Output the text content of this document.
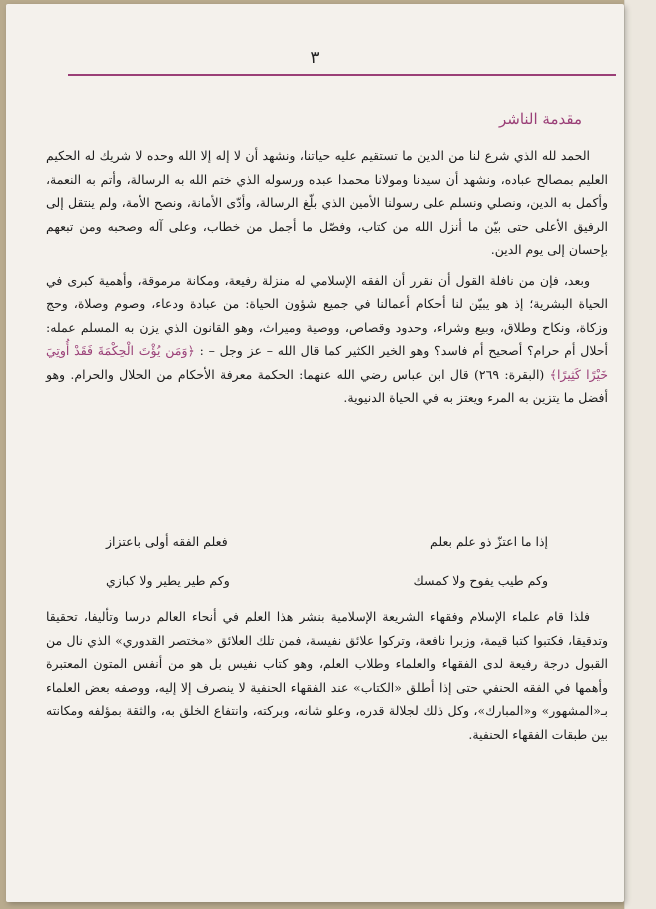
٣
مقدمة الناشر

الحمد لله الذي شرع لنا من الدين ما تستقيم عليه حياتنا، ونشهد أن لا إله إلا الله وحده لا شريك له الحكيم العليم بمصالح عباده، ونشهد أن سيدنا ومولانا محمدا عبده ورسوله الذي ختم الله به الرسالة، وأتم به النعمة، وأكمل به الدين، ونصلي ونسلم على رسولنا الأمين الذي بلّغ الرسالة، وأدّى الأمانة، ونصح الأمة، ولم ينتقل إلى الرفيق الأعلى حتى بيّن ما أنزل الله من كتاب، وفصّل ما أجمل من خطاب، وعلى آله وصحبه ومن تبعهم بإحسان إلى يوم الدين.

وبعد، فإن من نافلة القول أن نقرر أن الفقه الإسلامي له منزلة رفيعة، ومكانة مرموقة، وأهمية كبرى في الحياة البشرية؛ إذ هو يبيّن لنا أحكام أعمالنا في جميع شؤون الحياة: من عبادة ودعاء، وصوم وصلاة، وحج وزكاة، ونكاح وطلاق، وبيع وشراء، وحدود وقصاص، ووصية وميراث، وهو القانون الذي يزن به المسلم عمله: أحلال أم حرام؟ أصحيح أم فاسد؟ وهو الخير الكثير كما قال الله – عز وجل – : ﴿وَمَن يُؤْتَ الْحِكْمَةَ فَقَدْ أُوتِيَ خَيْرًا كَثِيرًا﴾ (البقرة: ٢٦٩) قال ابن عباس رضي الله عنهما: الحكمة معرفة الأحكام من الحلال والحرام. وهو أفضل ما يتزين به المرء ويعتز به في الحياة الدنيوية.

إذا ما اعتزّ ذو علم بعلم
فعلم الفقه أولى باعتزاز
وكم طيب يفوح ولا كمسك
وكم طير يطير ولا كبازي

فلذا قام علماء الإسلام وفقهاء الشريعة الإسلامية بنشر هذا العلم في أنحاء العالم درسا وتأليفا، تحقيقا وتدقيقا، فكتبوا كتبا قيمة، وزبرا نافعة، وتركوا علائق نفيسة، فمن تلك العلائق «مختصر القدوري» الذي نال من القبول درجة رفيعة لدى الفقهاء والعلماء وطلاب العلم، وهو كتاب نفيس بل هو من أنفس المتون المعتبرة وأهمها في الفقه الحنفي حتى إذا أطلق «الكتاب» عند الفقهاء الحنفية لا ينصرف إلا إليه، ووصفه بعض العلماء بـ«المشهور» و«المبارك»، وكل ذلك لجلالة قدره، وعلو شانه، وبركته، وانتفاع الخلق به، والثقة بمؤلفه ومكانته بين طبقات الفقهاء الحنفية.
